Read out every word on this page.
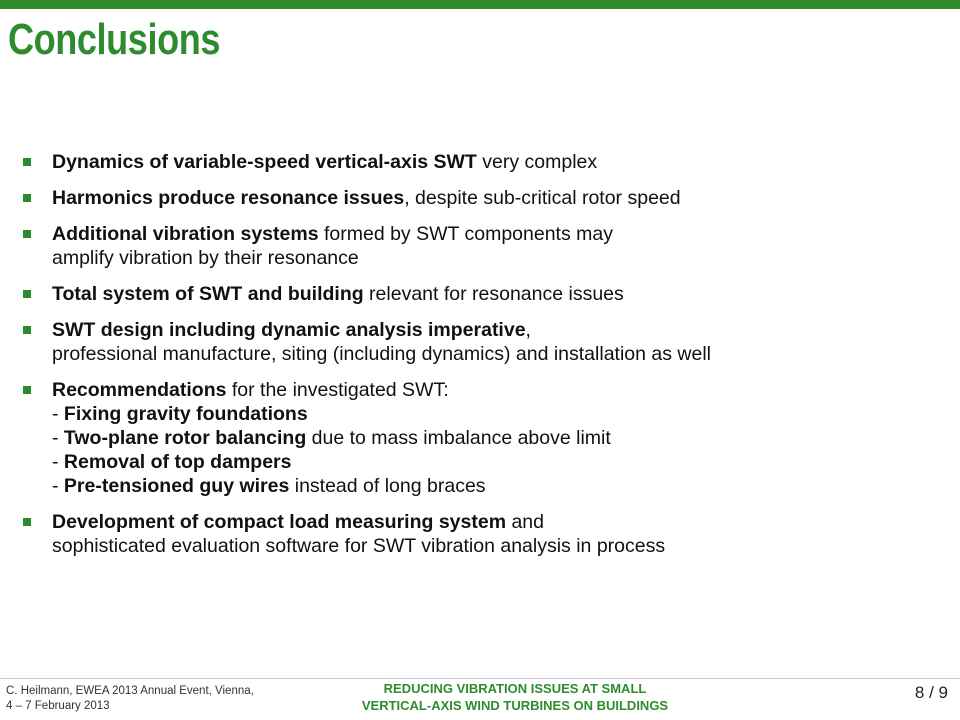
Conclusions
Dynamics of variable-speed vertical-axis SWT very complex
Harmonics produce resonance issues, despite sub-critical rotor speed
Additional vibration systems formed by SWT components may
amplify vibration by their resonance
Total system of SWT and building relevant for resonance issues
SWT design including dynamic analysis imperative,
professional manufacture, siting (including dynamics) and installation as well
Recommendations for the investigated SWT:
- Fixing gravity foundations
- Two-plane rotor balancing due to mass imbalance above limit
- Removal of top dampers
- Pre-tensioned guy wires instead of long braces
Development of compact load measuring system and
sophisticated evaluation software for SWT vibration analysis in process
C. Heilmann, EWEA 2013 Annual Event, Vienna,
4 – 7 February 2013
REDUCING VIBRATION ISSUES AT SMALL
VERTICAL-AXIS WIND TURBINES ON BUILDINGS
8 / 9
